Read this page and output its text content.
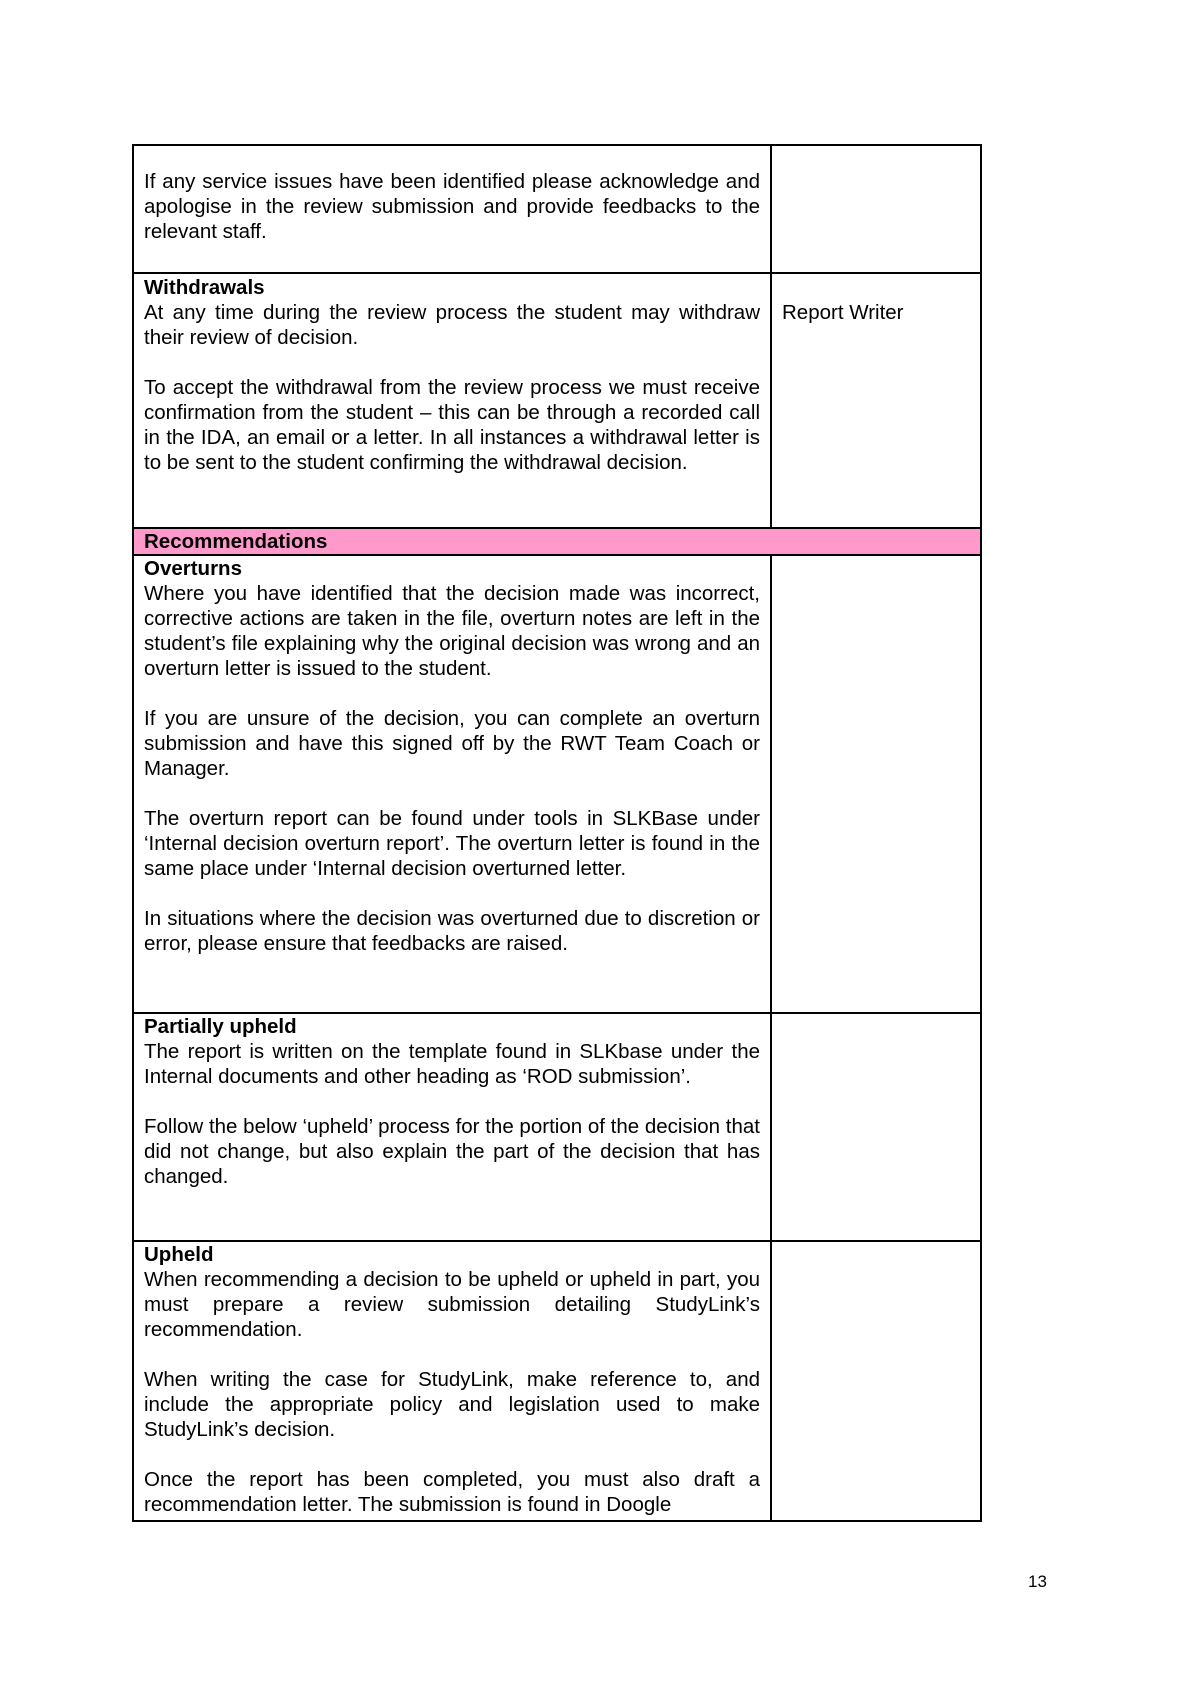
If any service issues have been identified please acknowledge and apologise in the review submission and provide feedbacks to the relevant staff.	

Withdrawals

At any time during the review process the student may withdraw their review of decision.

To accept the withdrawal from the review process we must receive confirmation from the student – this can be through a recorded call in the IDA, an email or a letter. In all instances a withdrawal letter is to be sent to the student confirming the withdrawal decision.	Report Writer
Recommendations	

Overturns

Where you have identified that the decision made was incorrect, corrective actions are taken in the file, overturn notes are left in the student’s file explaining why the original decision was wrong and an overturn letter is issued to the student.

If you are unsure of the decision, you can complete an overturn submission and have this signed off by the RWT Team Coach or Manager.

The overturn report can be found under tools in SLKBase under ‘Internal decision overturn report’. The overturn letter is found in the same place under ‘Internal decision overturned letter.

In situations where the decision was overturned due to discretion or error, please ensure that feedbacks are raised.	

Partially upheld

The report is written on the template found in SLKbase under the Internal documents and other heading as ‘ROD submission’.

Follow the below ‘upheld’ process for the portion of the decision that did not change, but also explain the part of the decision that has changed.	

Upheld

When recommending a decision to be upheld or upheld in part, you must prepare a review submission detailing StudyLink’s recommendation.

When writing the case for StudyLink, make reference to, and include the appropriate policy and legislation used to make StudyLink’s decision.

Once the report has been completed, you must also draft a recommendation letter. The submission is found in Doogle	

13
